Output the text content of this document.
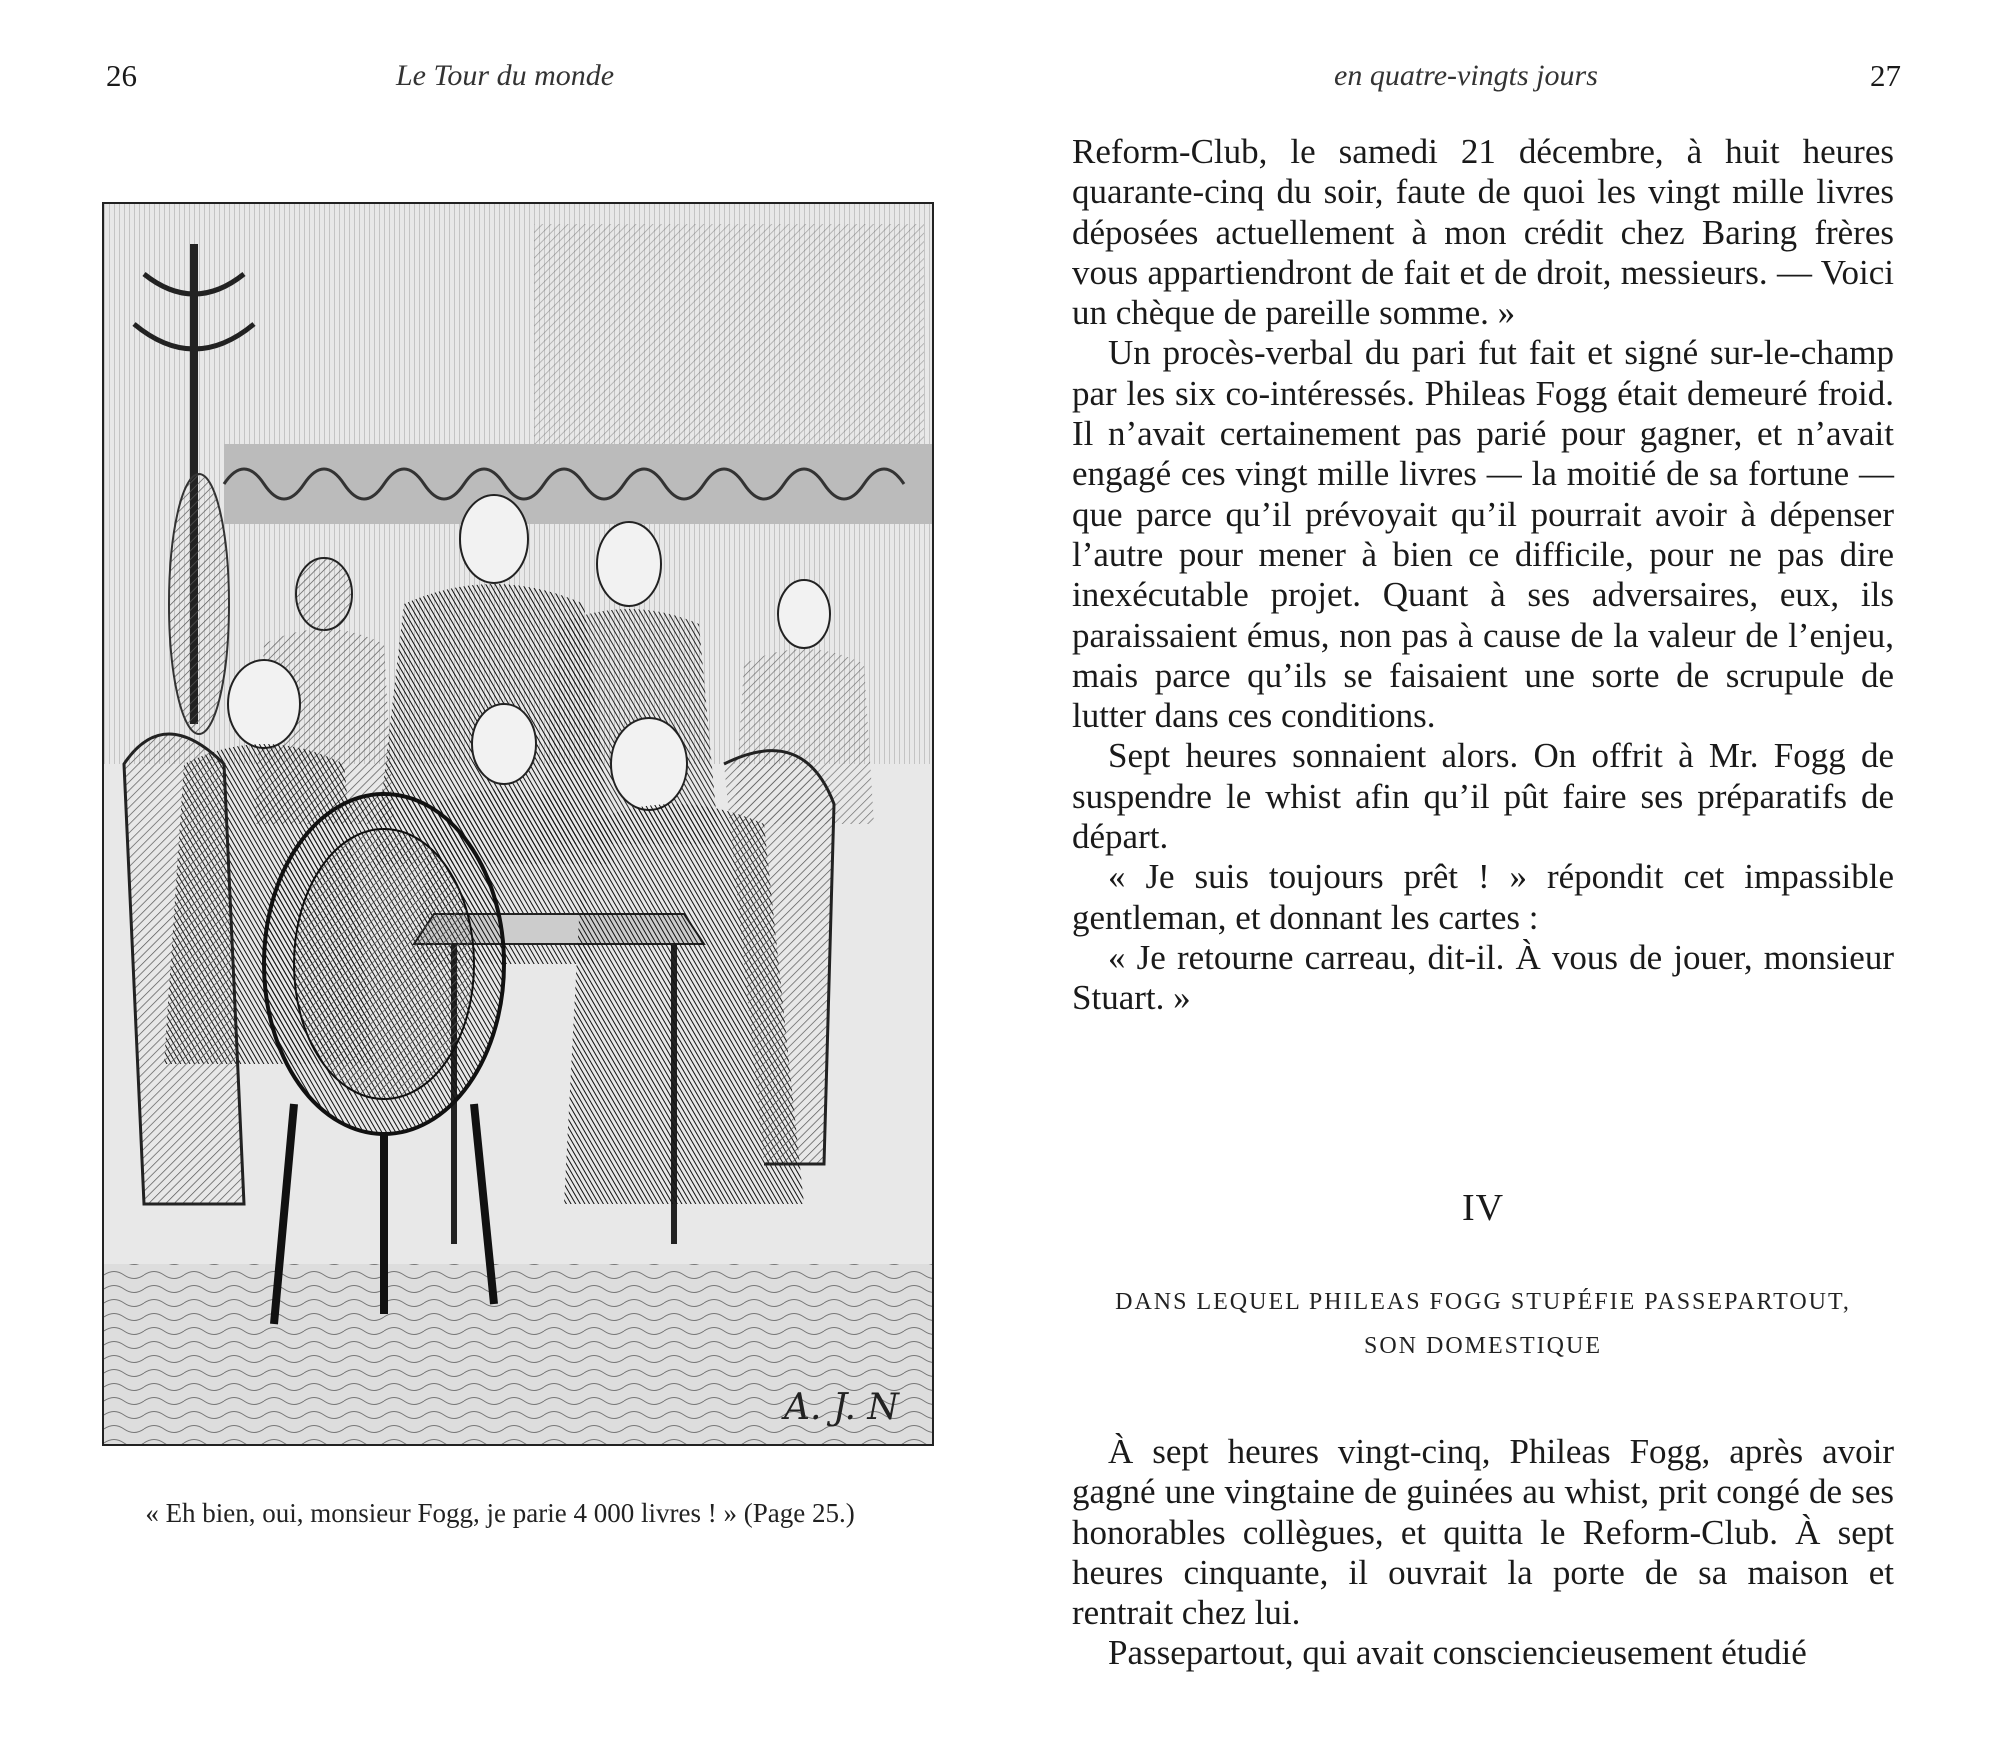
26	Le Tour du monde
A. J. N
« Eh bien, oui, monsieur Fogg, je parie 4 000 livres ! » (Page 25.)
en quatre-vingts jours	27

Reform-Club, le samedi 21 décembre, à huit heures quarante-cinq du soir, faute de quoi les vingt mille livres déposées actuellement à mon crédit chez Baring frères vous appartiendront de fait et de droit, messieurs. — Voici un chèque de pareille somme. »

Un procès-verbal du pari fut fait et signé sur-le-champ par les six co-intéressés. Phileas Fogg était demeuré froid. Il n’avait certainement pas parié pour gagner, et n’avait engagé ces vingt mille livres — la moitié de sa fortune — que parce qu’il prévoyait qu’il pourrait avoir à dépenser l’autre pour mener à bien ce difficile, pour ne pas dire inexécutable projet. Quant à ses adversaires, eux, ils paraissaient émus, non pas à cause de la valeur de l’enjeu, mais parce qu’ils se faisaient une sorte de scrupule de lutter dans ces conditions.

Sept heures sonnaient alors. On offrit à Mr. Fogg de suspendre le whist afin qu’il pût faire ses préparatifs de départ.

« Je suis toujours prêt ! » répondit cet impassible gentleman, et donnant les cartes :

« Je retourne carreau, dit-il. À vous de jouer, monsieur Stuart. »

IV
DANS LEQUEL PHILEAS FOGG STUPÉFIE PASSEPARTOUT,
SON DOMESTIQUE

À sept heures vingt-cinq, Phileas Fogg, après avoir gagné une vingtaine de guinées au whist, prit congé de ses honorables collègues, et quitta le Reform-Club. À sept heures cinquante, il ouvrait la porte de sa maison et rentrait chez lui.

Passepartout, qui avait consciencieusement étudié
